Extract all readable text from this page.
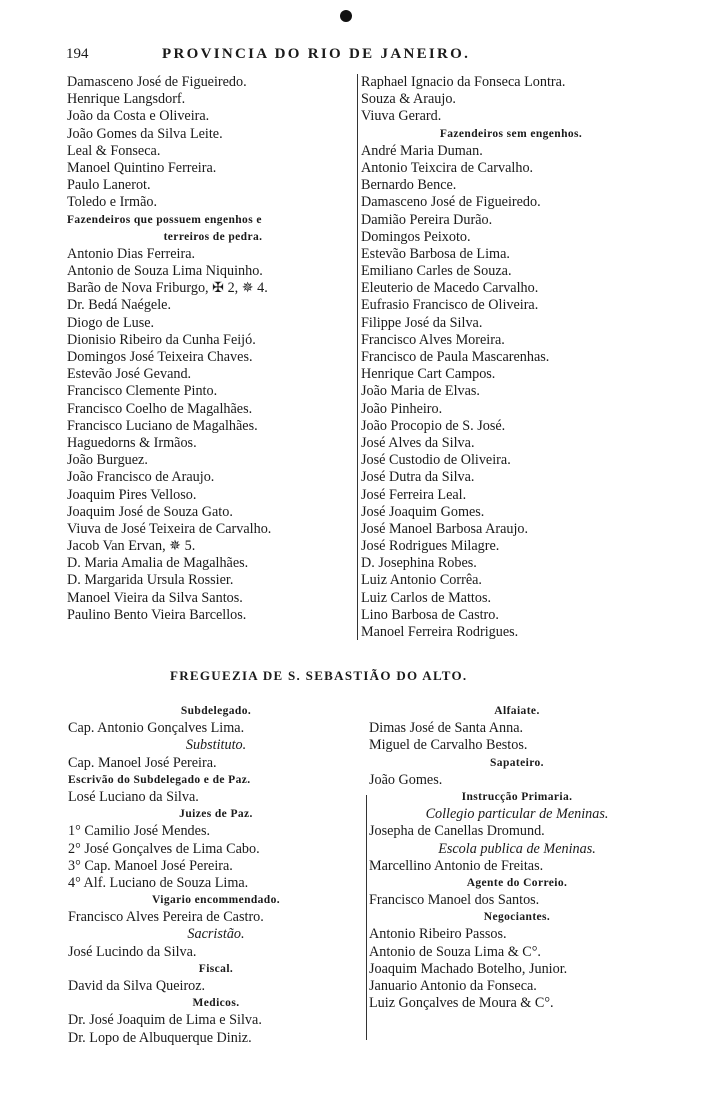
194	PROVINCIA DO RIO DE JANEIRO.
Damasceno José de Figueiredo.
Henrique Langsdorf.
João da Costa e Oliveira.
João Gomes da Silva Leite.
Leal & Fonseca.
Manoel Quintino Ferreira.
Paulo Lanerot.
Toledo e Irmão.
Fazendeiros que possuem engenhos e
terreiros de pedra.
Antonio Dias Ferreira.
Antonio de Souza Lima Niquinho.
Barão de Nova Friburgo, ✠ 2, ✵ 4.
Dr. Bedá Naégele.
Diogo de Luse.
Dionisio Ribeiro da Cunha Feijó.
Domingos José Teixeira Chaves.
Estevão José Gevand.
Francisco Clemente Pinto.
Francisco Coelho de Magalhães.
Francisco Luciano de Magalhães.
Haguedorns & Irmãos.
João Burguez.
João Francisco de Araujo.
Joaquim Pires Velloso.
Joaquim José de Souza Gato.
Viuva de José Teixeira de Carvalho.
Jacob Van Ervan, ✵ 5.
D. Maria Amalia de Magalhães.
D. Margarida Ursula Rossier.
Manoel Vieira da Silva Santos.
Paulino Bento Vieira Barcellos.
Raphael Ignacio da Fonseca Lontra.
Souza & Araujo.
Viuva Gerard.
Fazendeiros sem engenhos.
André Maria Duman.
Antonio Teixcira de Carvalho.
Bernardo Bence.
Damasceno José de Figueiredo.
Damião Pereira Durão.
Domingos Peixoto.
Estevão Barbosa de Lima.
Emiliano Carles de Souza.
Eleuterio de Macedo Carvalho.
Eufrasio Francisco de Oliveira.
Filippe José da Silva.
Francisco Alves Moreira.
Francisco de Paula Mascarenhas.
Henrique Cart Campos.
João Maria de Elvas.
João Pinheiro.
João Procopio de S. José.
José Alves da Silva.
José Custodio de Oliveira.
José Dutra da Silva.
José Ferreira Leal.
José Joaquim Gomes.
José Manoel Barbosa Araujo.
José Rodrigues Milagre.
D. Josephina Robes.
Luiz Antonio Corrêa.
Luiz Carlos de Mattos.
Lino Barbosa de Castro.
Manoel Ferreira Rodrigues.
FREGUEZIA DE S. SEBASTIÃO DO ALTO.
Subdelegado.
Cap. Antonio Gonçalves Lima.
Substituto.
Cap. Manoel José Pereira.
Escrivão do Subdelegado e de Paz.
Losé Luciano da Silva.
Juizes de Paz.
1° Camilio José Mendes.
2° José Gonçalves de Lima Cabo.
3° Cap. Manoel José Pereira.
4° Alf. Luciano de Souza Lima.
Vigario encommendado.
Francisco Alves Pereira de Castro.
Sacristão.
José Lucindo da Silva.
Fiscal.
David da Silva Queiroz.
Medicos.
Dr. José Joaquim de Lima e Silva.
Dr. Lopo de Albuquerque Diniz.
Alfaiate.
Dimas José de Santa Anna.
Miguel de Carvalho Bestos.
Sapateiro.
João Gomes.
Instrucção Primaria.
Collegio particular de Meninas.
Josepha de Canellas Dromund.
Escola publica de Meninas.
Marcellino Antonio de Freitas.
Agente do Correio.
Francisco Manoel dos Santos.
Negociantes.
Antonio Ribeiro Passos.
Antonio de Souza Lima & C°.
Joaquim Machado Botelho, Junior.
Januario Antonio da Fonseca.
Luiz Gonçalves de Moura & C°.
